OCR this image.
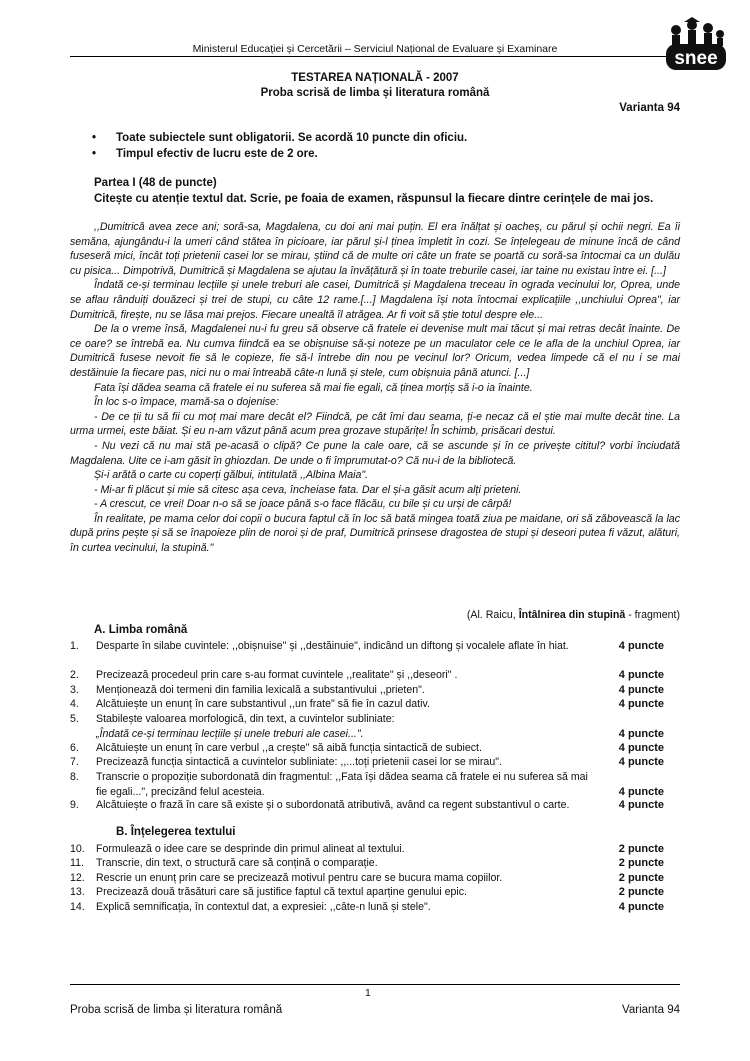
Ministerul Educației și Cercetării – Serviciul Național de Evaluare și Examinare	snee
TESTAREA NAȚIONALĂ - 2007
Proba scrisă de limba și literatura română
Varianta 94
• Toate subiectele sunt obligatorii. Se acordă 10 puncte din oficiu.
• Timpul efectiv de lucru este de 2 ore.
Partea I (48 de puncte)

Citește cu atenție textul dat. Scrie, pe foaia de examen, răspunsul la fiecare dintre cerințele de mai jos.

,,Dumitrică avea zece ani; soră-sa, Magdalena, cu doi ani mai puțin. El era înălțat și oacheș, cu părul și ochii negri. Ea îi semăna, ajungându-i la umeri când stătea în picioare, iar părul și-l ținea împletit în cozi. Se înțelegeau de minune încă de când fuseseră mici, încât toți prietenii casei lor se mirau, știind că de multe ori câte un frate se poartă cu soră-sa întocmai ca un dulău cu pisica... Dimpotrivă, Dumitrică și Magdalena se ajutau la învățătură și în toate treburile casei, iar taine nu existau între ei. [...]

Îndată ce-și terminau lecțiile și unele treburi ale casei, Dumitrică și Magdalena treceau în ograda vecinului lor, Oprea, unde se aflau rânduiți douăzeci și trei de stupi, cu câte 12 rame.[...] Magdalena își nota întocmai explicațiile ,,unchiului Oprea", iar Dumitrică, firește, nu se lăsa mai prejos. Fiecare unealtă îl atrăgea. Ar fi voit să știe totul despre ele...

De la o vreme însă, Magdalenei nu-i fu greu să observe că fratele ei devenise mult mai tăcut și mai retras decât înainte. De ce oare? se întrebă ea. Nu cumva fiindcă ea se obișnuise să-și noteze pe un maculator cele ce le afla de la unchiul Oprea, iar Dumitrică fusese nevoit fie să le copieze, fie să-l întrebe din nou pe vecinul lor? Oricum, vedea limpede că el nu i se mai destăinuie la fiecare pas, nici nu o mai întreabă câte-n lună și stele, cum obișnuia până atunci. [...]

Fata își dădea seama că fratele ei nu suferea să mai fie egali, că ținea morțiș să i-o ia înainte.

În loc s-o împace, mamă-sa o dojenise:

- De ce ții tu să fii cu moț mai mare decât el? Fiindcă, pe cât îmi dau seama, ți-e necaz că el știe mai multe decât tine. La urma urmei, este băiat. Și eu n-am văzut până acum prea grozave stupărițe! În schimb, prisăcari destui.

- Nu vezi că nu mai stă pe-acasă o clipă? Ce pune la cale oare, că se ascunde și în ce privește cititul? vorbi înciudată Magdalena. Uite ce i-am găsit în ghiozdan. De unde o fi împrumutat-o? Că nu-i de la bibliotecă.

Și-i arătă o carte cu coperți gălbui, intitulată ,,Albina Maia".

- Mi-ar fi plăcut și mie să citesc așa ceva, încheiase fata. Dar el și-a găsit acum alți prieteni.

- A crescut, ce vrei! Doar n-o să se joace până s-o face flăcău, cu bile și cu urși de cârpă!

În realitate, pe mama celor doi copii o bucura faptul că în loc să bată mingea toată ziua pe maidane, ori să zăbovească la lac după prins pește și să se înapoieze plin de noroi și de praf, Dumitrică prinsese dragostea de stupi și deseori putea fi văzut, alături, în curtea vecinului, la stupină."

(Al. Raicu, Întâlnirea din stupină - fragment)
A. Limba română
1.	Desparte în silabe cuvintele: ,,obișnuise" și ,,destăinuie", indicând un diftong și vocalele aflate în hiat.	4 puncte
2.	Precizează procedeul prin care s-au format cuvintele ,,realitate" și ,,deseori" .	4 puncte
3.	Menționează doi termeni din familia lexicală a substantivului ,,prieten".	4 puncte
4.	Alcătuiește un enunț în care substantivul ,,un frate" să fie în cazul dativ.	4 puncte
5.	Stabilește valoarea morfologică, din text, a cuvintelor subliniate:
„Îndată ce-și terminau lecțiile și unele treburi ale casei...".	4 puncte
6.	Alcătuiește un enunț în care verbul ,,a crește" să aibă funcția sintactică de subiect.	4 puncte
7.	Precizează funcția sintactică a cuvintelor subliniate: ,,...toți prietenii casei lor se mirau".	4 puncte
8.	Transcrie o propoziție subordonată din fragmentul: ,,Fata își dădea seama că fratele ei nu suferea să mai fie egali...", precizând felul acesteia.	4 puncte
9.	Alcătuiește o frază în care să existe și o subordonată atributivă, având ca regent substantivul o carte.	4 puncte
B. Înțelegerea textului
10.	Formulează o idee care se desprinde din primul alineat al textului.	2 puncte
11.	Transcrie, din text, o structură care să conțină o comparație.	2 puncte
12.	Rescrie un enunț prin care se precizează motivul pentru care se bucura mama copiilor.	2 puncte
13.	Precizează două trăsături care să justifice faptul că textul aparține genului epic.	2 puncte
14.	Explică semnificația, în contextul dat, a expresiei: ,,câte-n lună și stele".	4 puncte
1
Proba scrisă de limba și literatura română	Varianta 94
